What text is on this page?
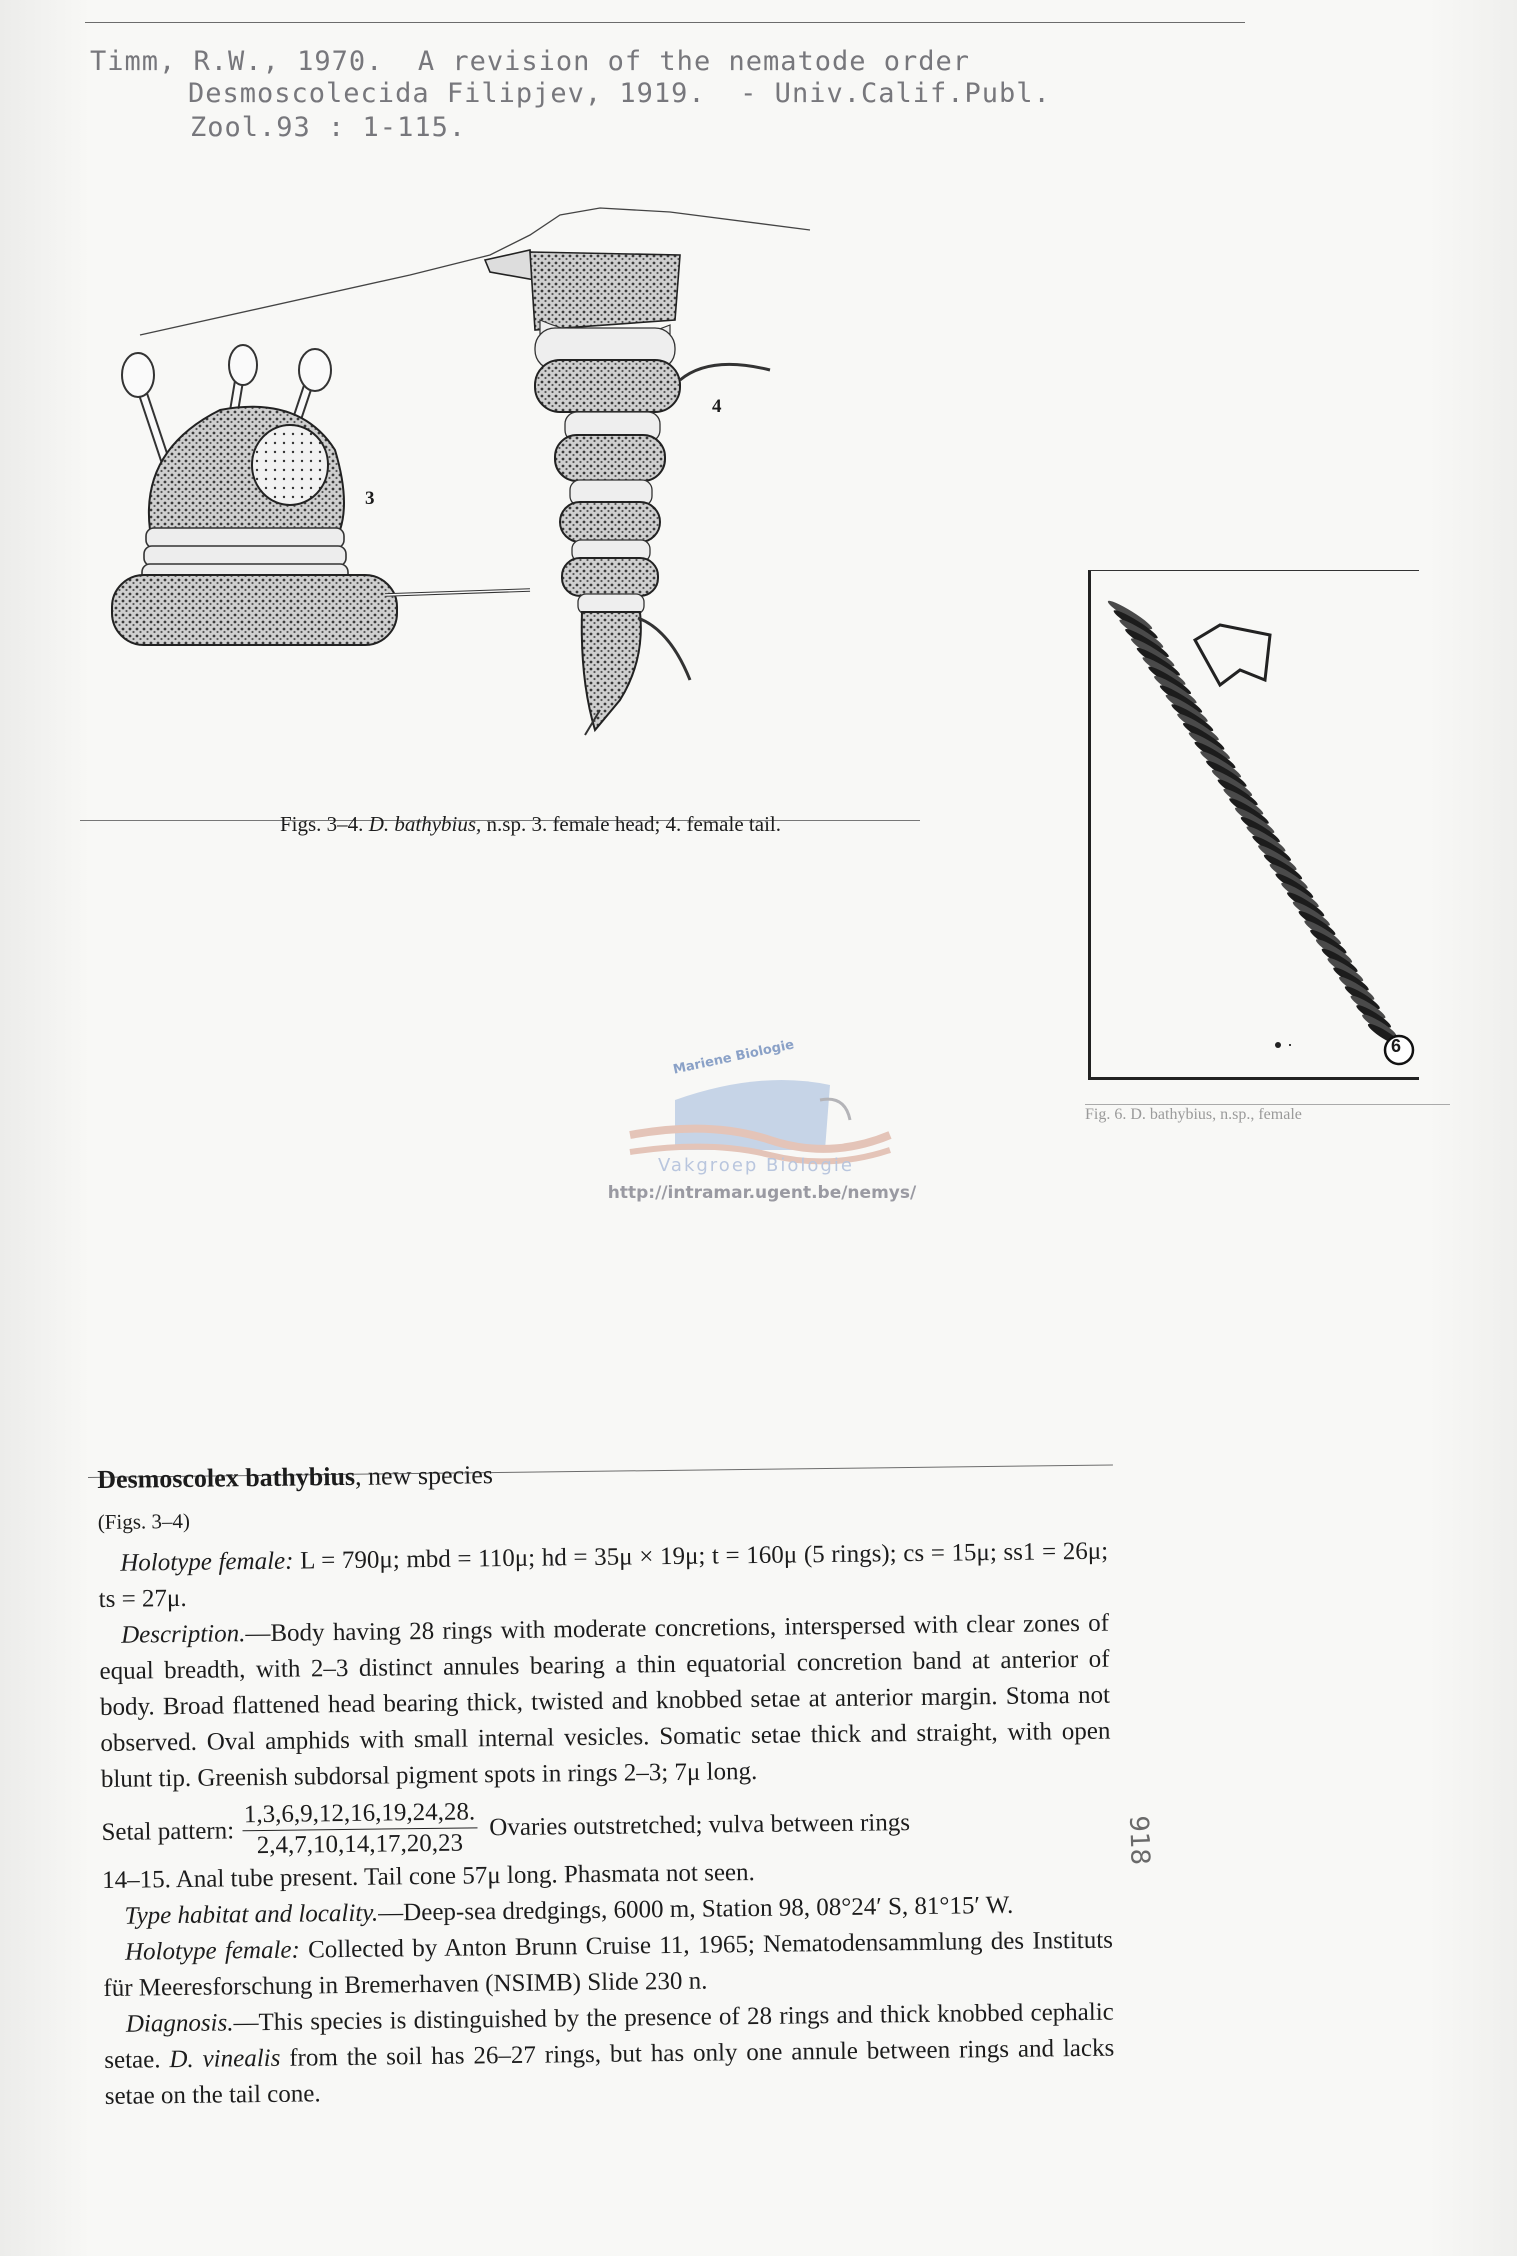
Timm, R.W., 1970.  A revision of the nematode order
Desmoscolecida Filipjev, 1919.  - Univ.Calif.Publ.
Zool.93 : 1-115.
3
4
Figs. 3–4. D. bathybius, n.sp. 3. female head; 4. female tail.
6
Fig. 6. D. bathybius, n.sp., female
Mariene Biologie
Vakgroep Biologie
http://intramar.ugent.be/nemys/

Desmoscolex bathybius, new species

(Figs. 3–4)

Holotype female: L = 790μ; mbd = 110μ; hd = 35μ × 19μ; t = 160μ (5 rings); cs = 15μ; ss1 = 26μ; ts = 27μ.

Description.—Body having 28 rings with moderate concretions, interspersed with clear zones of equal breadth, with 2–3 distinct annules bearing a thin equatorial concretion band at anterior of body. Broad flattened head bearing thick, twisted and knobbed setae at anterior margin. Stoma not observed. Oval amphids with small internal vesicles. Somatic setae thick and straight, with open blunt tip. Greenish subdorsal pigment spots in rings 2–3; 7μ long.

Setal pattern: $\frac{1,3,6,9,12,16,19,24,28.}{2,4,7,10,14,17,20,23}$ Ovaries outstretched; vulva between rings

14–15. Anal tube present. Tail cone 57μ long. Phasmata not seen.

Type habitat and locality.—Deep-sea dredgings, 6000 m, Station 98, 08°24′ S, 81°15′ W.

Holotype female: Collected by Anton Brunn Cruise 11, 1965; Nematodensammlung des Instituts für Meeresforschung in Bremerhaven (NSIMB) Slide 230 n.

Diagnosis.—This species is distinguished by the presence of 28 rings and thick knobbed cephalic setae. D. vinealis from the soil has 26–27 rings, but has only one annule between rings and lacks setae on the tail cone.

918
